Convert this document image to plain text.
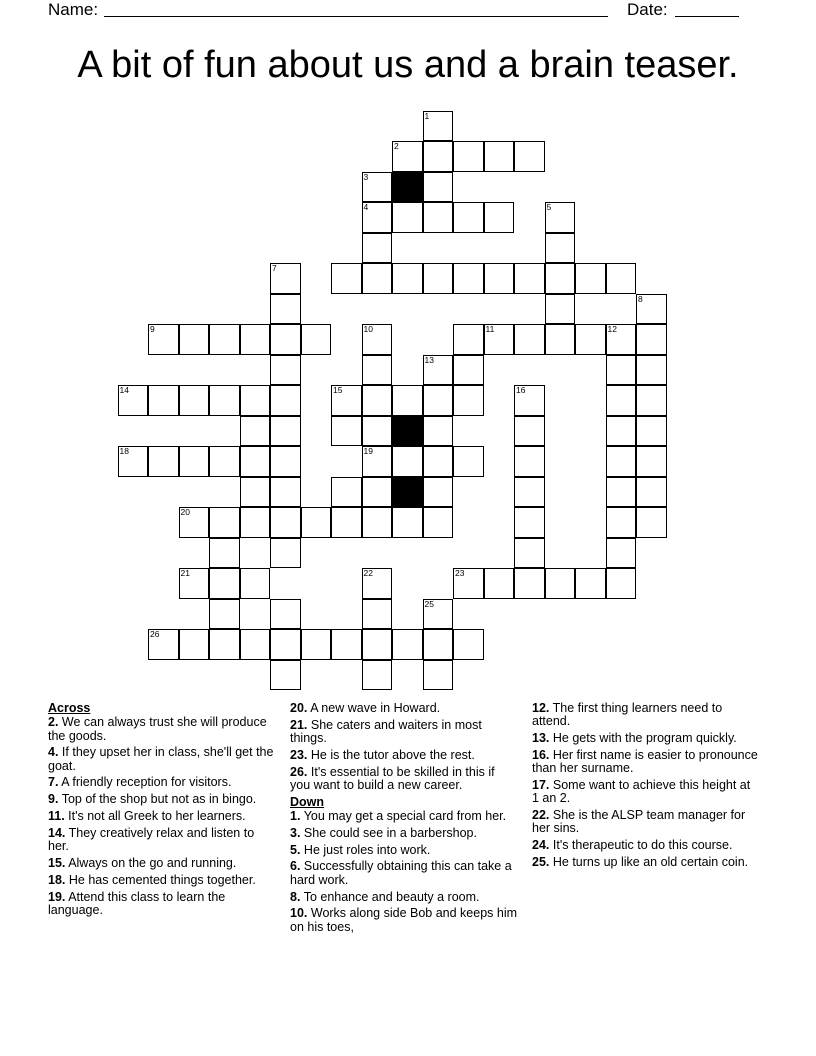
Name:	Date:
A bit of fun about us and a brain teaser.
1
2
3
4	5
7
8
9	10	11	12
13
14	15	16
18	19
20
21	22	23
25
26
Across
2. We can always trust she will produce the goods.
4. If they upset her in class, she'll get the goat.
7. A friendly reception for visitors.
9. Top of the shop but not as in bingo.
11. It's not all Greek to her learners.
14. They creatively relax and listen to her.
15. Always on the go and running.
18. He has cemented things together.
19. Attend this class to learn the language.
20. A new wave in Howard.
21. She caters and waiters in most things.
23. He is the tutor above the rest.
26. It's essential to be skilled in this if you want to build a new career.
Down
1. You may get a special card from her.
3. She could see in a barbershop.
5. He just roles into work.
6. Successfully obtaining this can take a hard work.
8. To enhance and beauty a room.
10. Works along side Bob and keeps him on his toes,
12. The first thing learners need to attend.
13. He gets with the program quickly.
16. Her first name is easier to pronounce than her surname.
17. Some want to achieve this height at 1 an 2.
22. She is the ALSP team manager for her sins.
24. It's therapeutic to do this course.
25. He turns up like an old certain coin.
